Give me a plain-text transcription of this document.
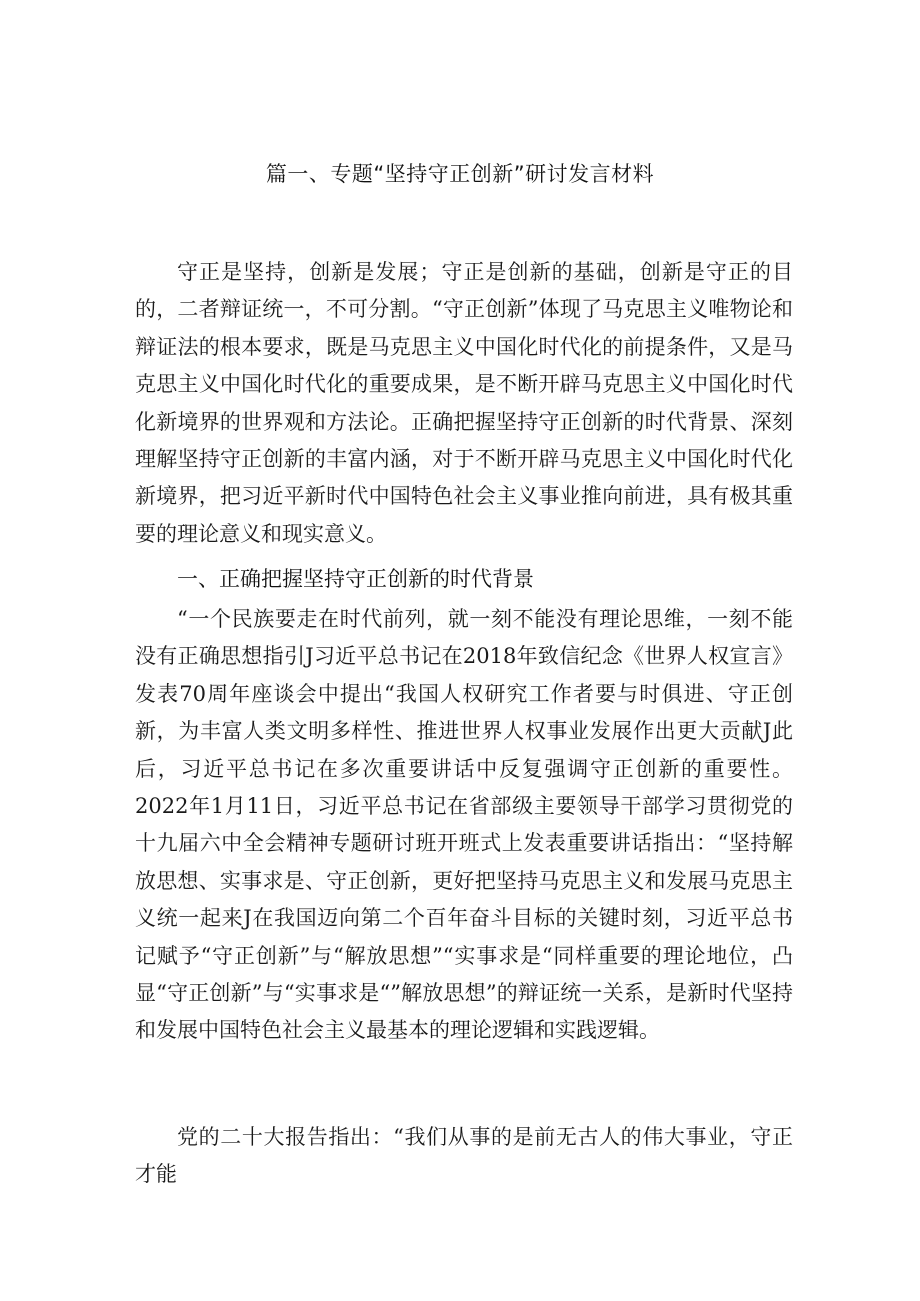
篇一、专题“坚持守正创新”研讨发言材料

守正是坚持，创新是发展；守正是创新的基础，创新是守正的目的，二者辩证统一，不可分割。“守正创新”体现了马克思主义唯物论和辩证法的根本要求，既是马克思主义中国化时代化的前提条件，又是马克思主义中国化时代化的重要成果，是不断开辟马克思主义中国化时代化新境界的世界观和方法论。正确把握坚持守正创新的时代背景、深刻理解坚持守正创新的丰富内涵，对于不断开辟马克思主义中国化时代化新境界，把习近平新时代中国特色社会主义事业推向前进，具有极其重要的理论意义和现实意义。

一、正确把握坚持守正创新的时代背景

“一个民族要走在时代前列，就一刻不能没有理论思维，一刻不能没有正确思想指引J习近平总书记在2018年致信纪念《世界人权宣言》发表70周年座谈会中提出“我国人权研究工作者要与时俱进、守正创新，为丰富人类文明多样性、推进世界人权事业发展作出更大贡献J此后，习近平总书记在多次重要讲话中反复强调守正创新的重要性。2022年1月11日，习近平总书记在省部级主要领导干部学习贯彻党的十九届六中全会精神专题研讨班开班式上发表重要讲话指出：“坚持解放思想、实事求是、守正创新，更好把坚持马克思主义和发展马克思主义统一起来J在我国迈向第二个百年奋斗目标的关键时刻，习近平总书记赋予“守正创新”与“解放思想”“实事求是“同样重要的理论地位，凸显“守正创新”与“实事求是“”解放思想”的辩证统一关系，是新时代坚持和发展中国特色社会主义最基本的理论逻辑和实践逻辑。

党的二十大报告指出：“我们从事的是前无古人的伟大事业，守正才能
